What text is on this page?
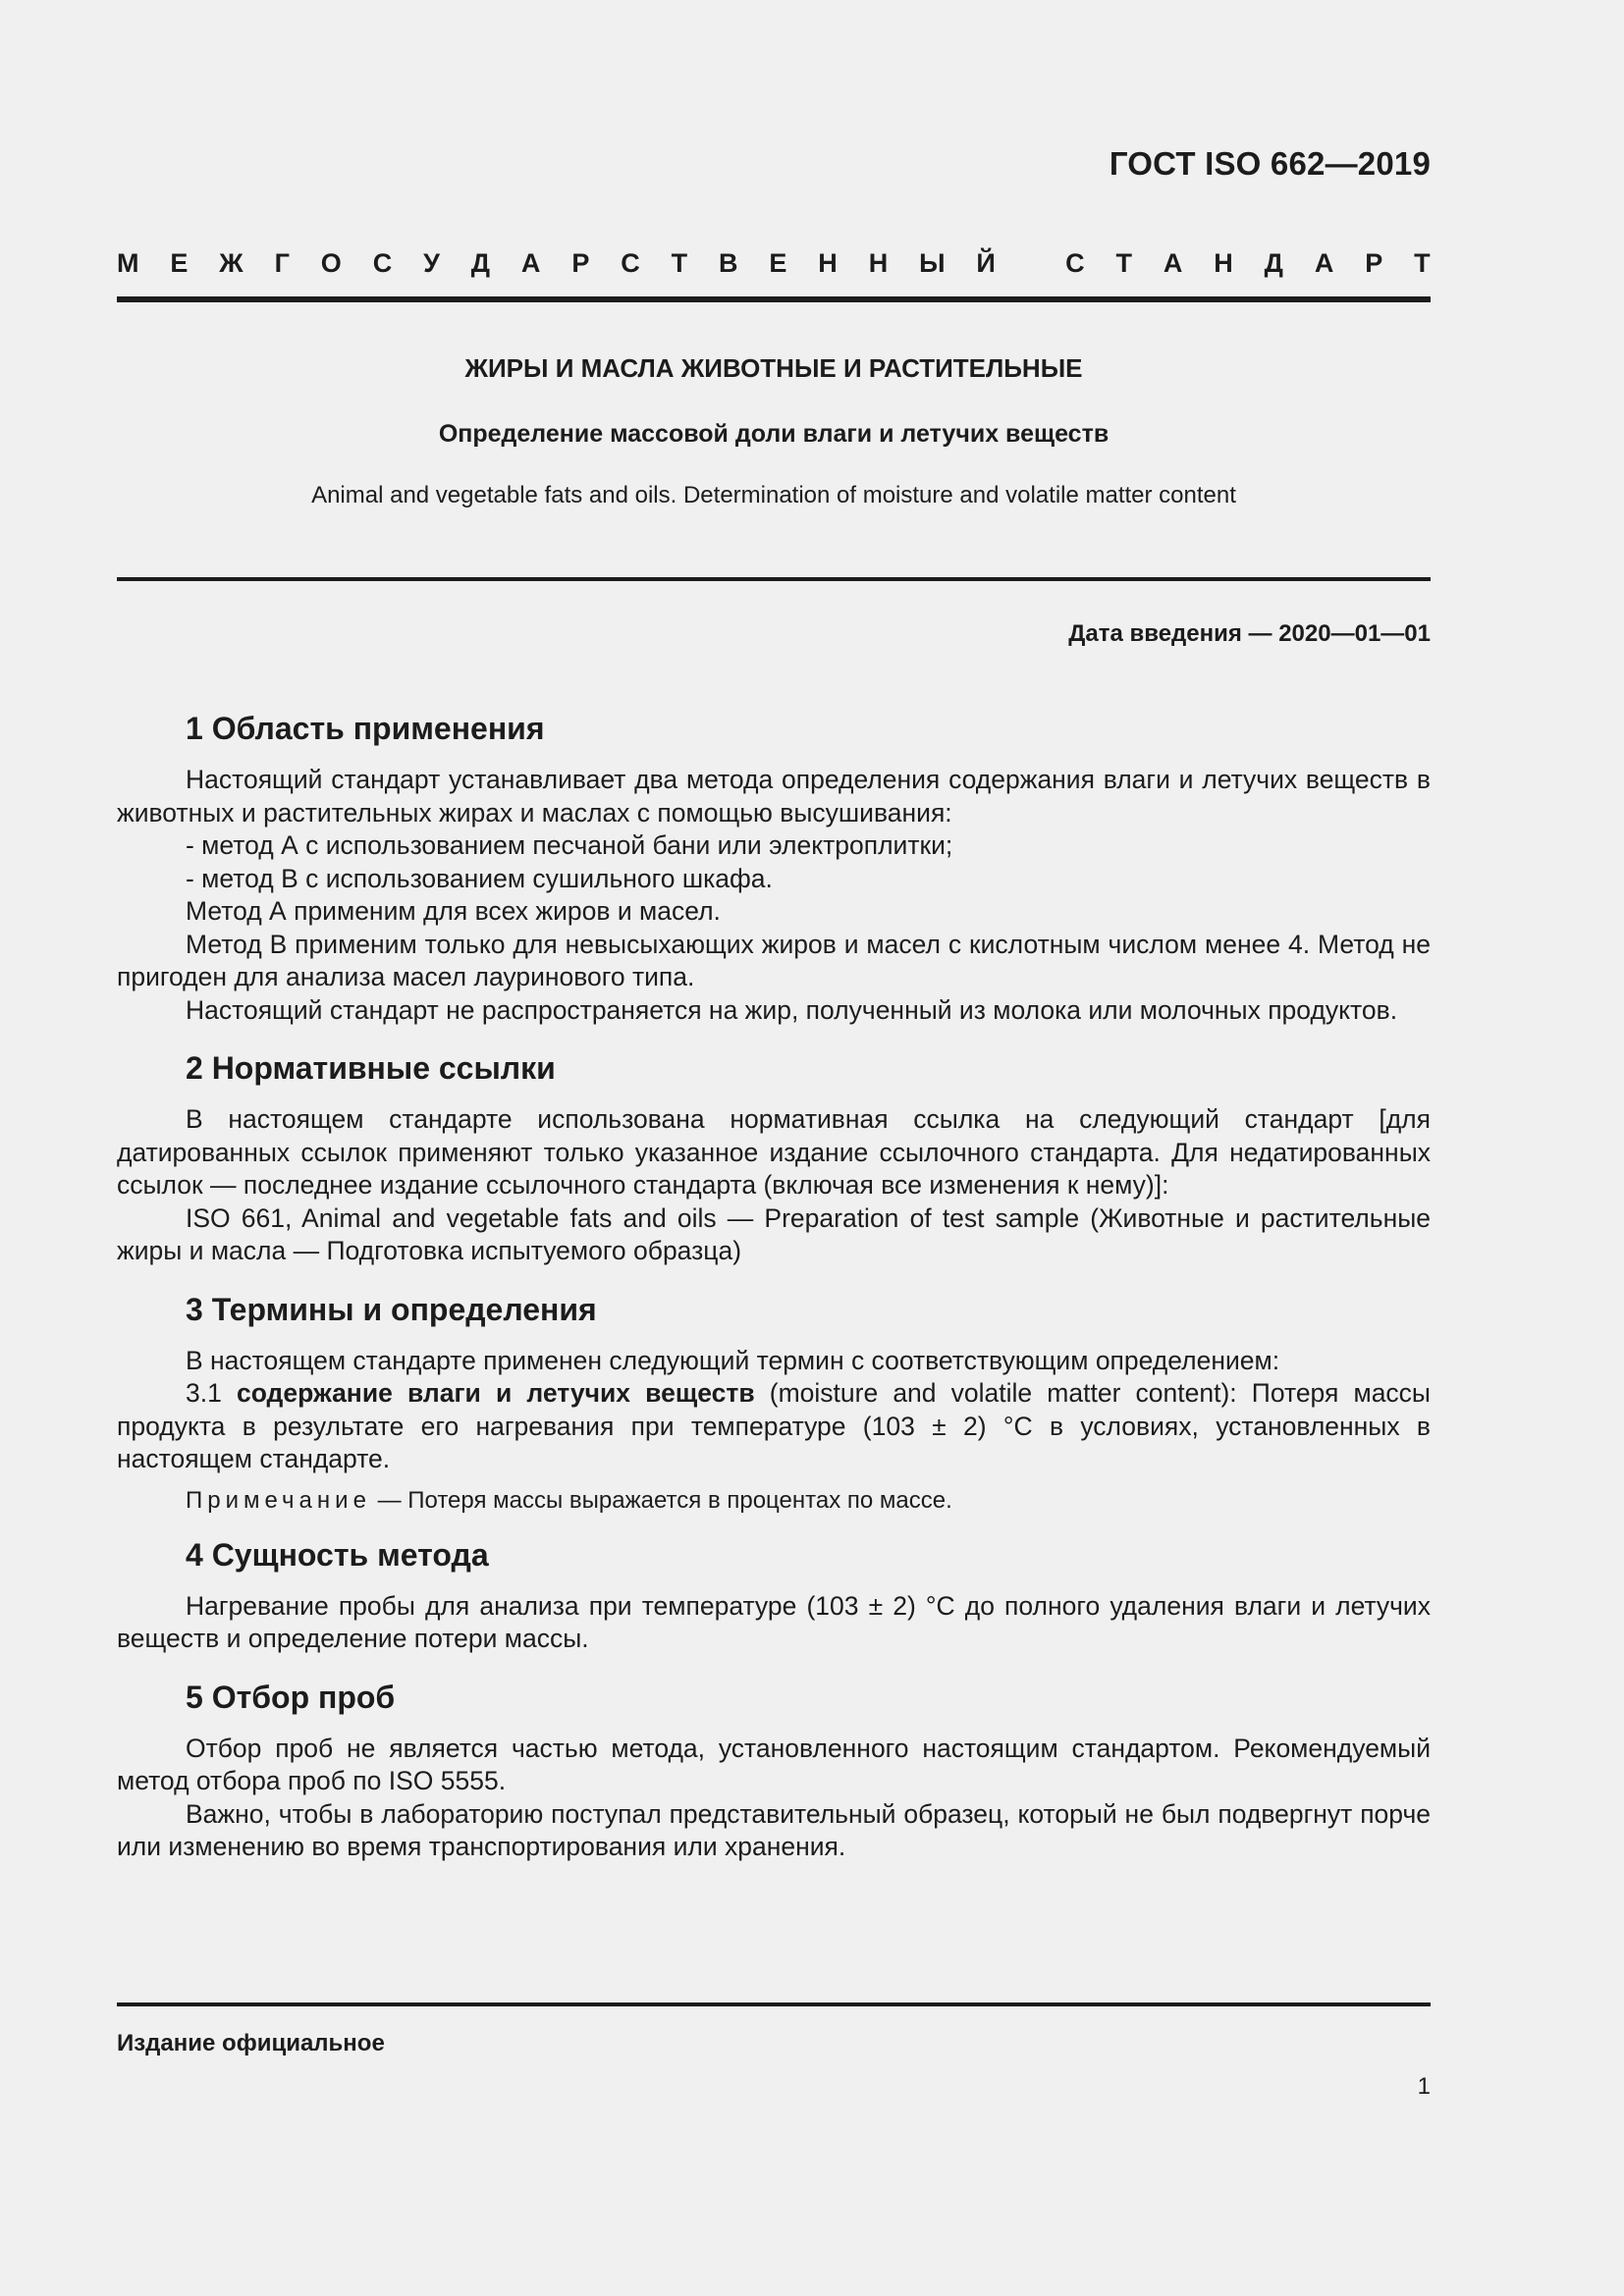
ГОСТ ISO 662—2019
М Е Ж Г О С У Д А Р С Т В Е Н Н Ы Й
	С Т А Н Д А Р Т
ЖИРЫ И МАСЛА ЖИВОТНЫЕ И РАСТИТЕЛЬНЫЕ
Определение массовой доли влаги и летучих веществ
Animal and vegetable fats and oils. Determination of moisture and volatile matter content
Дата введения — 2020—01—01
1 Область применения

Настоящий стандарт устанавливает два метода определения содержания влаги и летучих веществ в животных и растительных жирах и маслах с помощью высушивания:

- метод А с использованием песчаной бани или электроплитки;

- метод В с использованием сушильного шкафа.

Метод А применим для всех жиров и масел.

Метод В применим только для невысыхающих жиров и масел с кислотным числом менее 4. Метод не пригоден для анализа масел лауринового типа.

Настоящий стандарт не распространяется на жир, полученный из молока или молочных продуктов.

2 Нормативные ссылки

В настоящем стандарте использована нормативная ссылка на следующий стандарт [для датированных ссылок применяют только указанное издание ссылочного стандарта. Для недатированных ссылок — последнее издание ссылочного стандарта (включая все изменения к нему)]:

ISO 661, Animal and vegetable fats and oils — Preparation of test sample (Животные и растительные жиры и масла — Подготовка испытуемого образца)

3 Термины и определения

В настоящем стандарте применен следующий термин с соответствующим определением:

3.1 содержание влаги и летучих веществ (moisture and volatile matter content): Потеря массы продукта в результате его нагревания при температуре (103 ± 2) °С в условиях, установленных в настоящем стандарте.

Примечание — Потеря массы выражается в процентах по массе.

4 Сущность метода

Нагревание пробы для анализа при температуре (103 ± 2) °С до полного удаления влаги и летучих веществ и определение потери массы.

5 Отбор проб

Отбор проб не является частью метода, установленного настоящим стандартом. Рекомендуемый метод отбора проб по ISO 5555.

Важно, чтобы в лабораторию поступал представительный образец, который не был подвергнут порче или изменению во время транспортирования или хранения.

Издание официальное
1
